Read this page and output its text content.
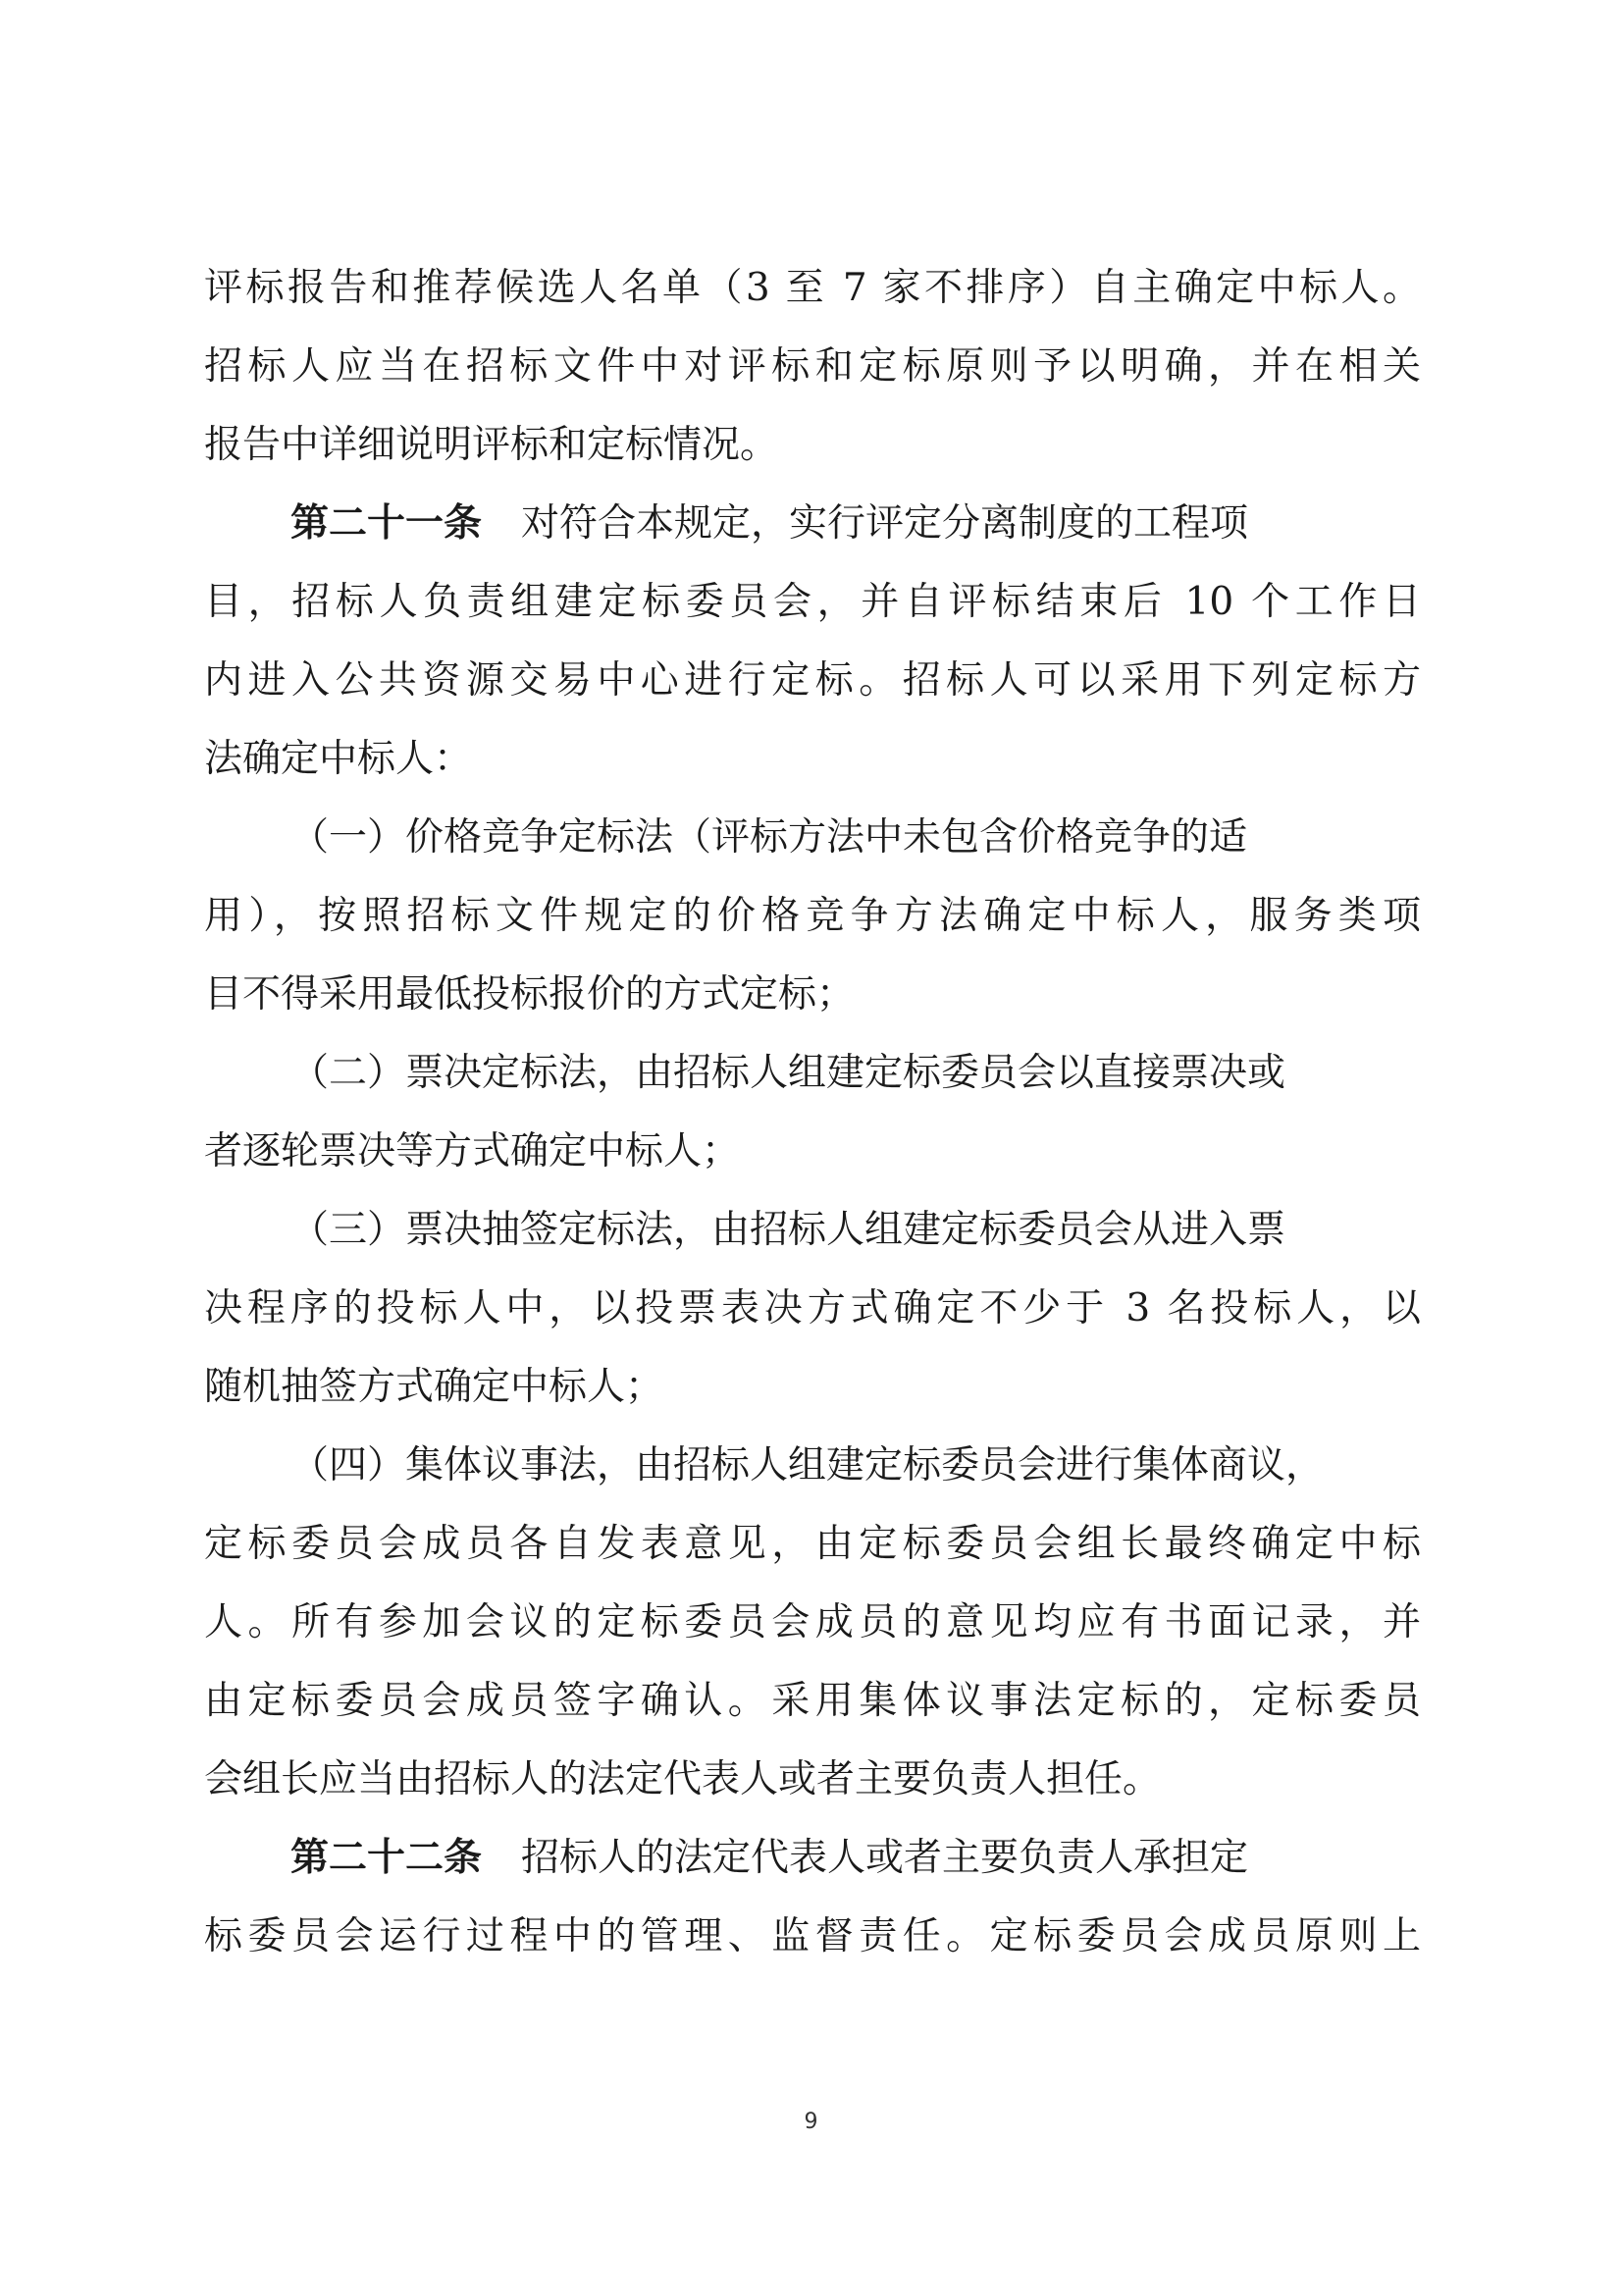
评标报告和推荐候选人名单（3 至 7 家不排序）自主确定中标人。
招标人应当在招标文件中对评标和定标原则予以明确，并在相关
报告中详细说明评标和定标情况。
第二十一条 对符合本规定，实行评定分离制度的工程项
目，招标人负责组建定标委员会，并自评标结束后 10 个工作日
内进入公共资源交易中心进行定标。招标人可以采用下列定标方
法确定中标人：
（一）价格竞争定标法（评标方法中未包含价格竞争的适
用），按照招标文件规定的价格竞争方法确定中标人，服务类项
目不得采用最低投标报价的方式定标；
（二）票决定标法，由招标人组建定标委员会以直接票决或
者逐轮票决等方式确定中标人；
（三）票决抽签定标法，由招标人组建定标委员会从进入票
决程序的投标人中，以投票表决方式确定不少于 3 名投标人，以
随机抽签方式确定中标人；
（四）集体议事法，由招标人组建定标委员会进行集体商议，
定标委员会成员各自发表意见，由定标委员会组长最终确定中标
人。所有参加会议的定标委员会成员的意见均应有书面记录，并
由定标委员会成员签字确认。采用集体议事法定标的，定标委员
会组长应当由招标人的法定代表人或者主要负责人担任。
第二十二条 招标人的法定代表人或者主要负责人承担定
标委员会运行过程中的管理、监督责任。定标委员会成员原则上
9
